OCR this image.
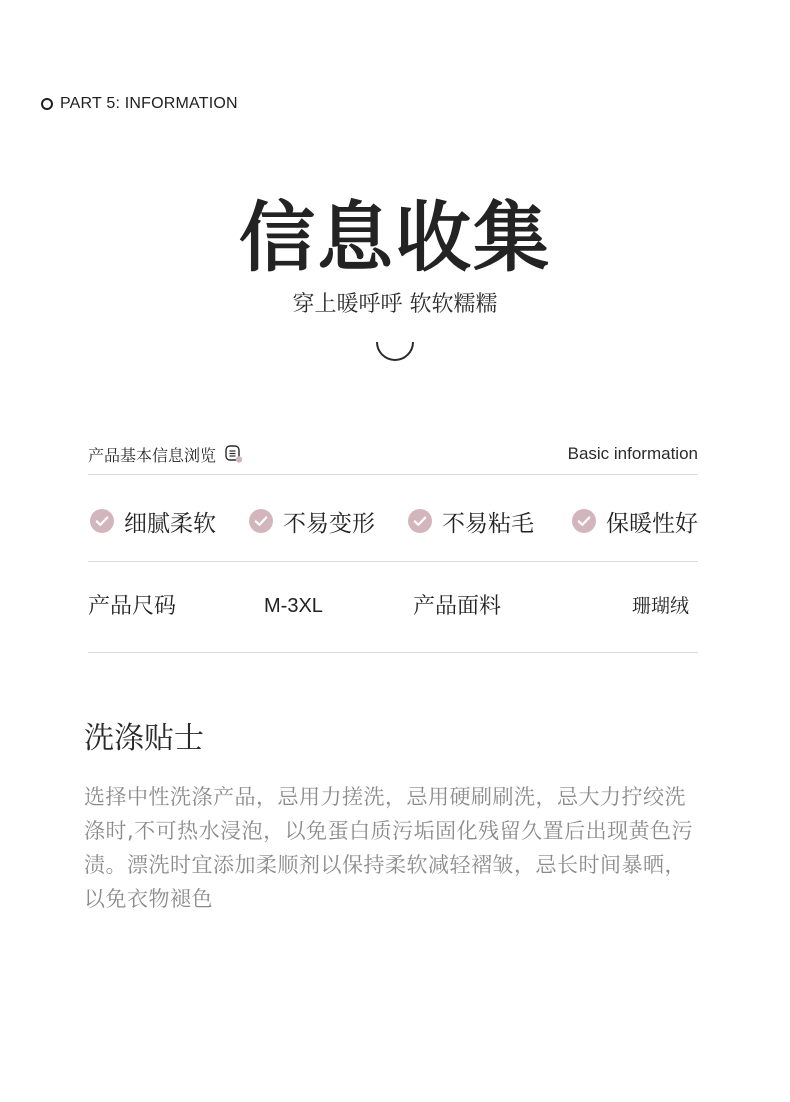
PART 5: INFORMATION
信息收集
穿上暖呼呼 软软糯糯
产品基本信息浏览	Basic information
细腻柔软	不易变形	不易粘毛	保暖性好
产品尺码	M-3XL	产品面料	珊瑚绒
洗涤贴士
选择中性洗涤产品，忌用力搓洗，忌用硬刷刷洗，忌大力拧绞洗涤时,不可热水浸泡，以免蛋白质污垢固化残留久置后出现黄色污渍。漂洗时宜添加柔顺剂以保持柔软减轻褶皱，忌长时间暴晒，以免衣物褪色
